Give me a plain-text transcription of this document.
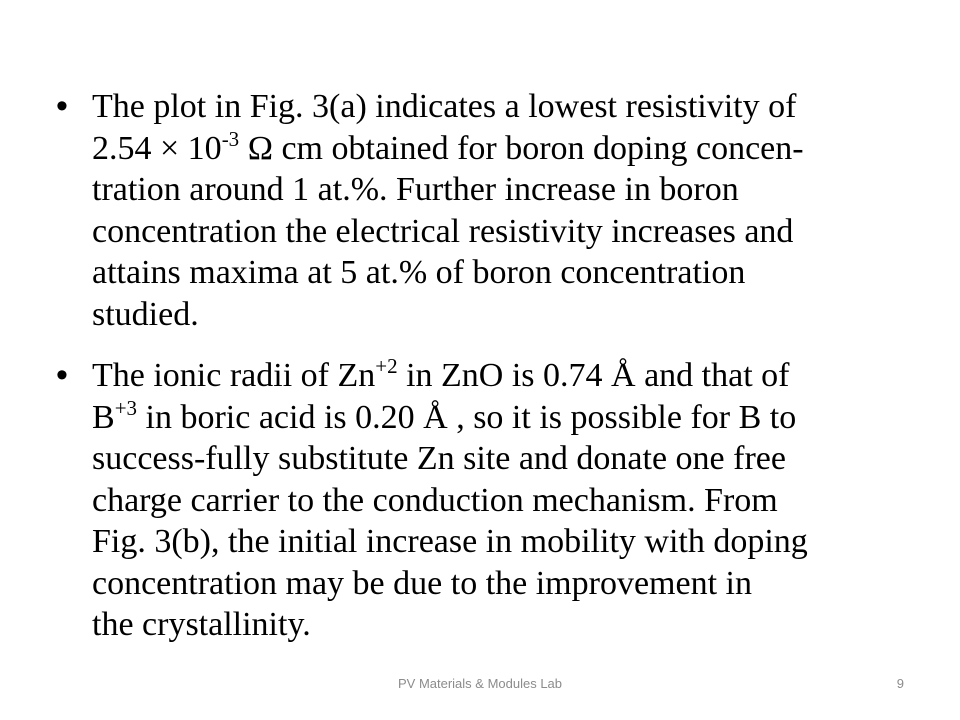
• The plot in Fig. 3(a) indicates a lowest resistivity of
$2.54 \times 10^{-3}$ Ω cm obtained for boron doping concen-
tration around 1 at.%. Further increase in boron
concentration the electrical resistivity increases and
attains maxima at 5 at.% of boron concentration
studied.
• The ionic radii of $Zn^{+2}$ in ZnO is 0.74 Å and that of
$B^{+3}$ in boric acid is 0.20 Å , so it is possible for B to
success-fully substitute Zn site and donate one free
charge carrier to the conduction mechanism. From
Fig. 3(b), the initial increase in mobility with doping
concentration may be due to the improvement in
the crystallinity.
PV Materials & Modules Lab	9
